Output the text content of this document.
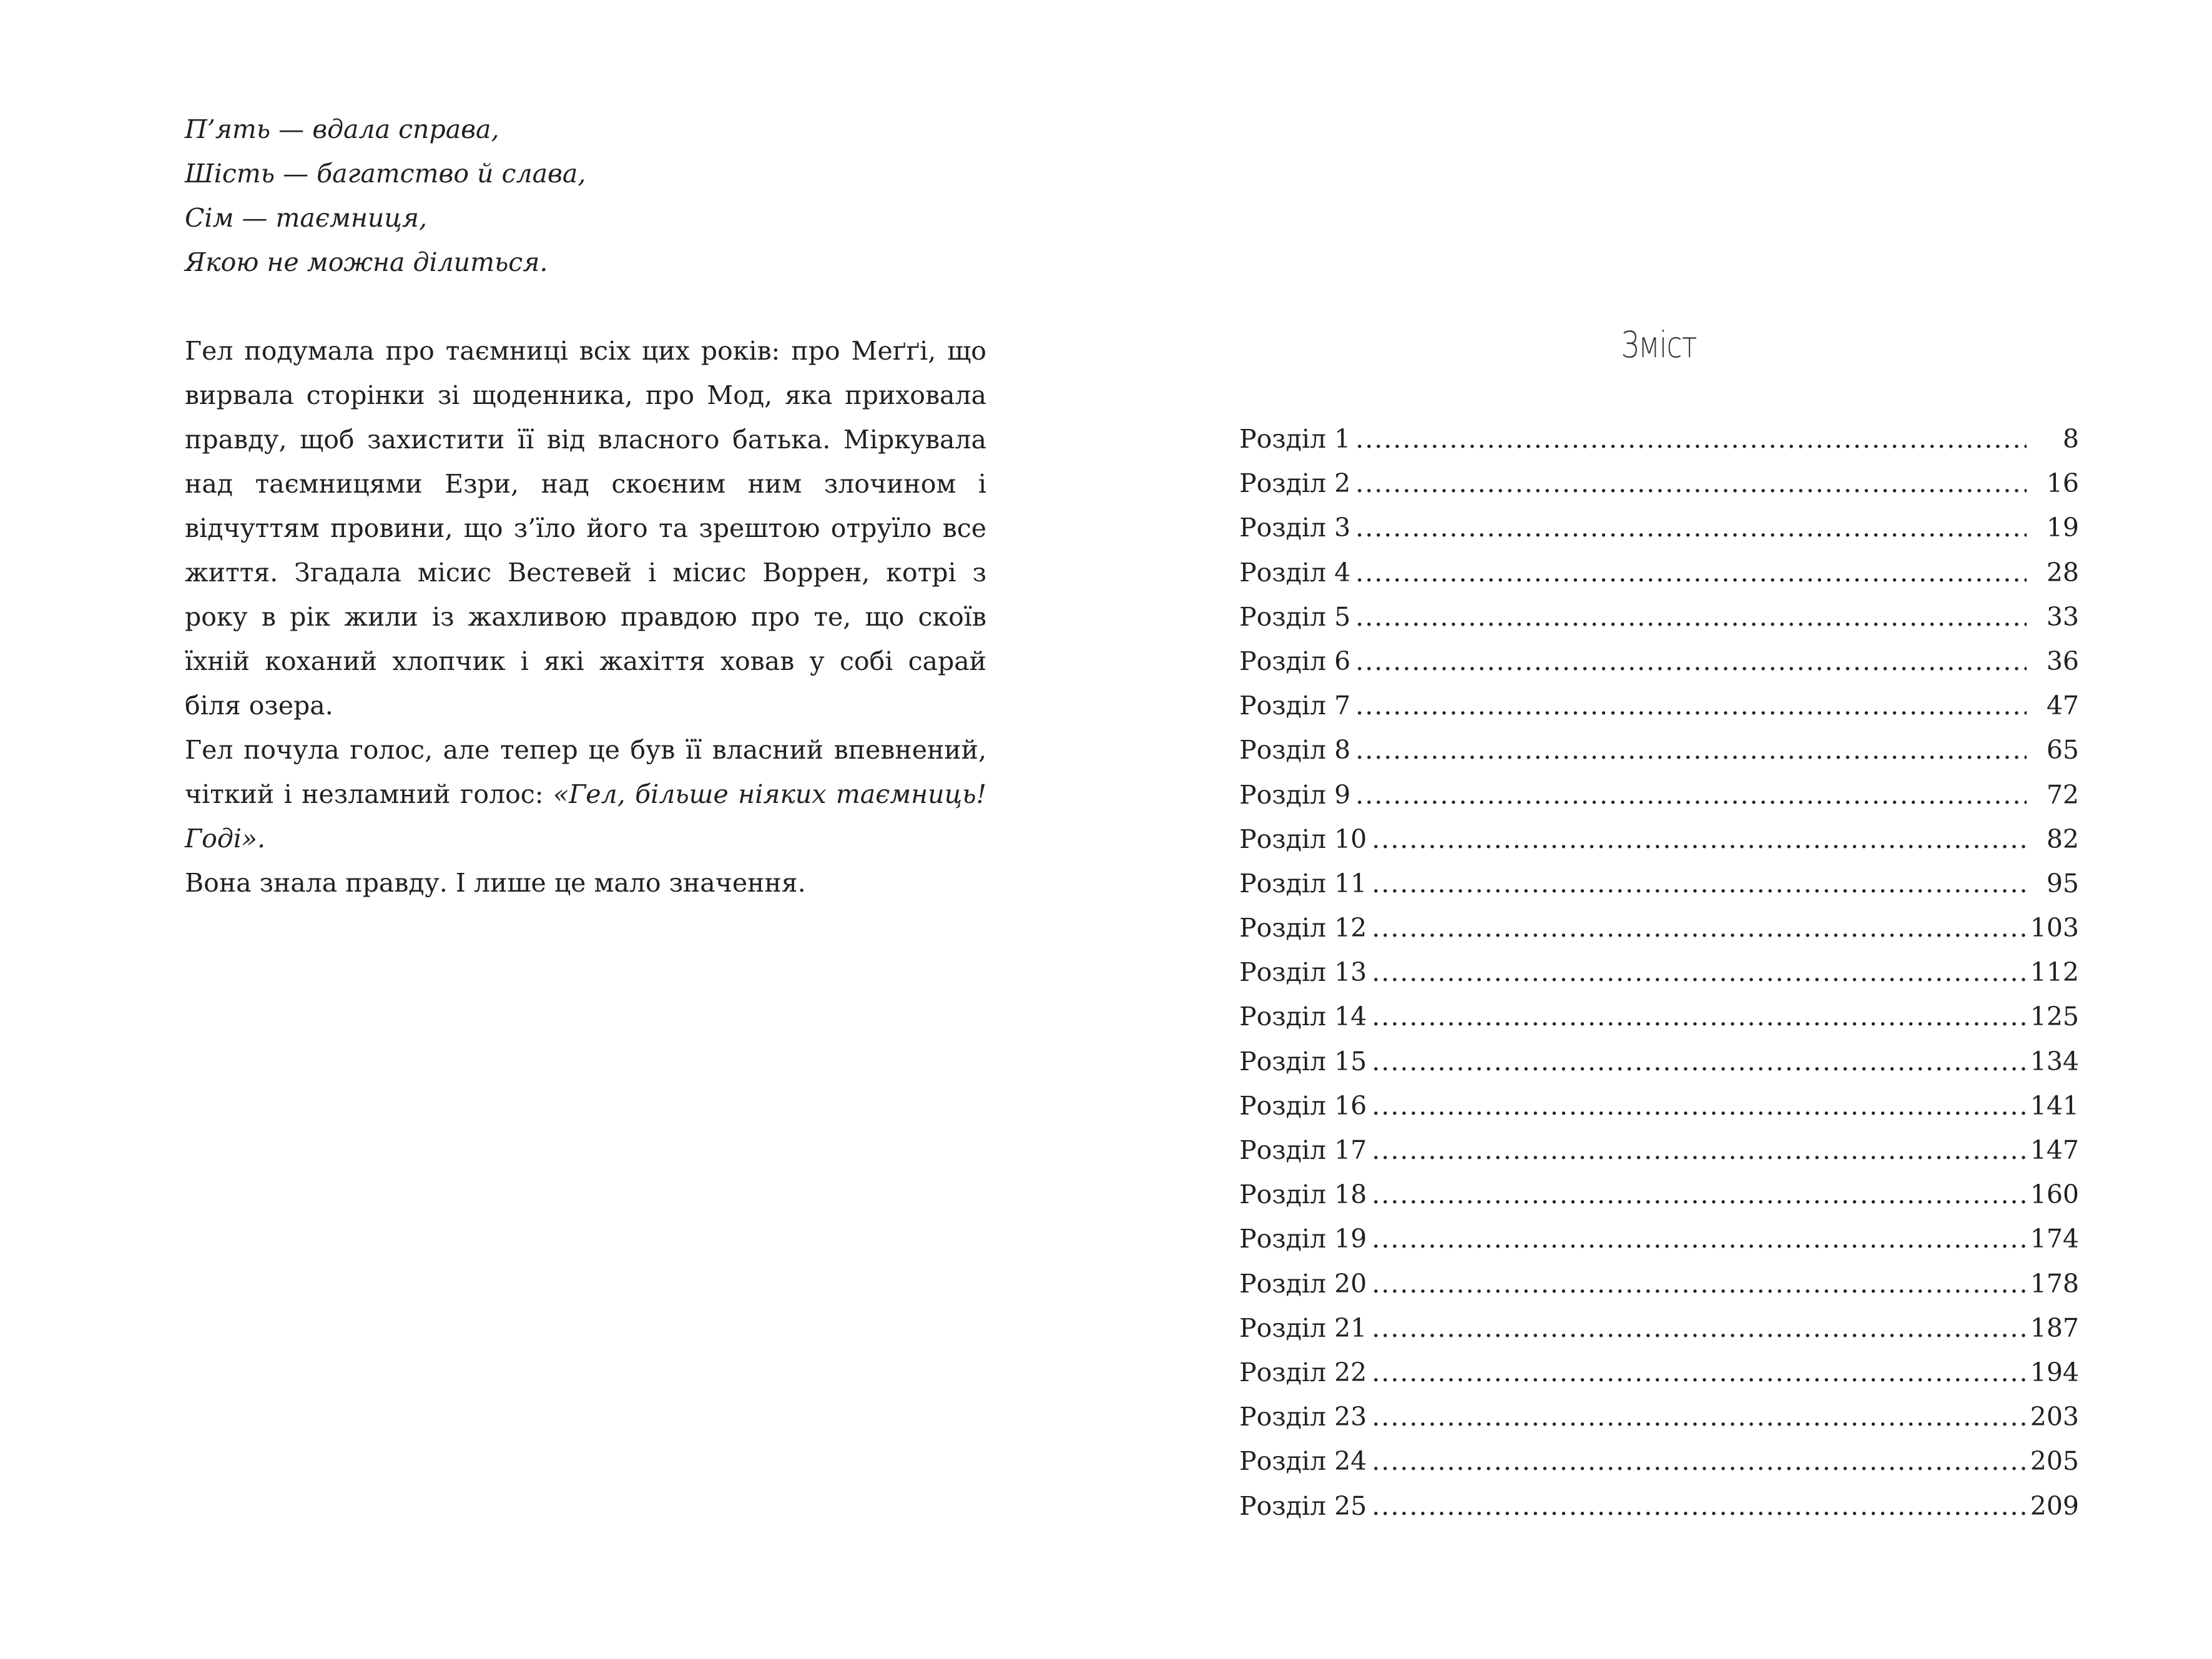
П’ять — вдала справа,
Шість — багатство й слава,
Сім — таємниця,
Якою не можна ділиться.

Гел подумала про таємниці всіх цих років: про Меґґі, що вирвала сторінки зі щоденника, про Мод, яка приховала правду, щоб захистити її від власного батька. Міркувала над таємницями Езри, над скоєним ним злочином і відчуттям провини, що з’їло його та зрештою отруїло все життя. Згадала місис Вестевей і місис Воррен, котрі з року в рік жили із жахливою правдою про те, що скоїв їхній коханий хлопчик і які жахіття ховав у собі сарай біля озера.

Гел почула голос, але тепер це був її власний впевнений, чіткий і незламний голос: «Гел, більше ніяких таємниць! Годі».

Вона знала правду. І лише це мало значення.

Зміст
Розділ 1 .....	8
Розділ 2 .....	16
Розділ 3 .....	19
Розділ 4 .....	28
Розділ 5 .....	33
Розділ 6 .....	36
Розділ 7 .....	47
Розділ 8 .....	65
Розділ 9 .....	72
Розділ 10 .....	82
Розділ 11 .....	95
Розділ 12 .....	103
Розділ 13 .....	112
Розділ 14 .....	125
Розділ 15 .....	134
Розділ 16 .....	141
Розділ 17 .....	147
Розділ 18 .....	160
Розділ 19 .....	174
Розділ 20 .....	178
Розділ 21 .....	187
Розділ 22 .....	194
Розділ 23 .....	203
Розділ 24 .....	205
Розділ 25 .....	209
